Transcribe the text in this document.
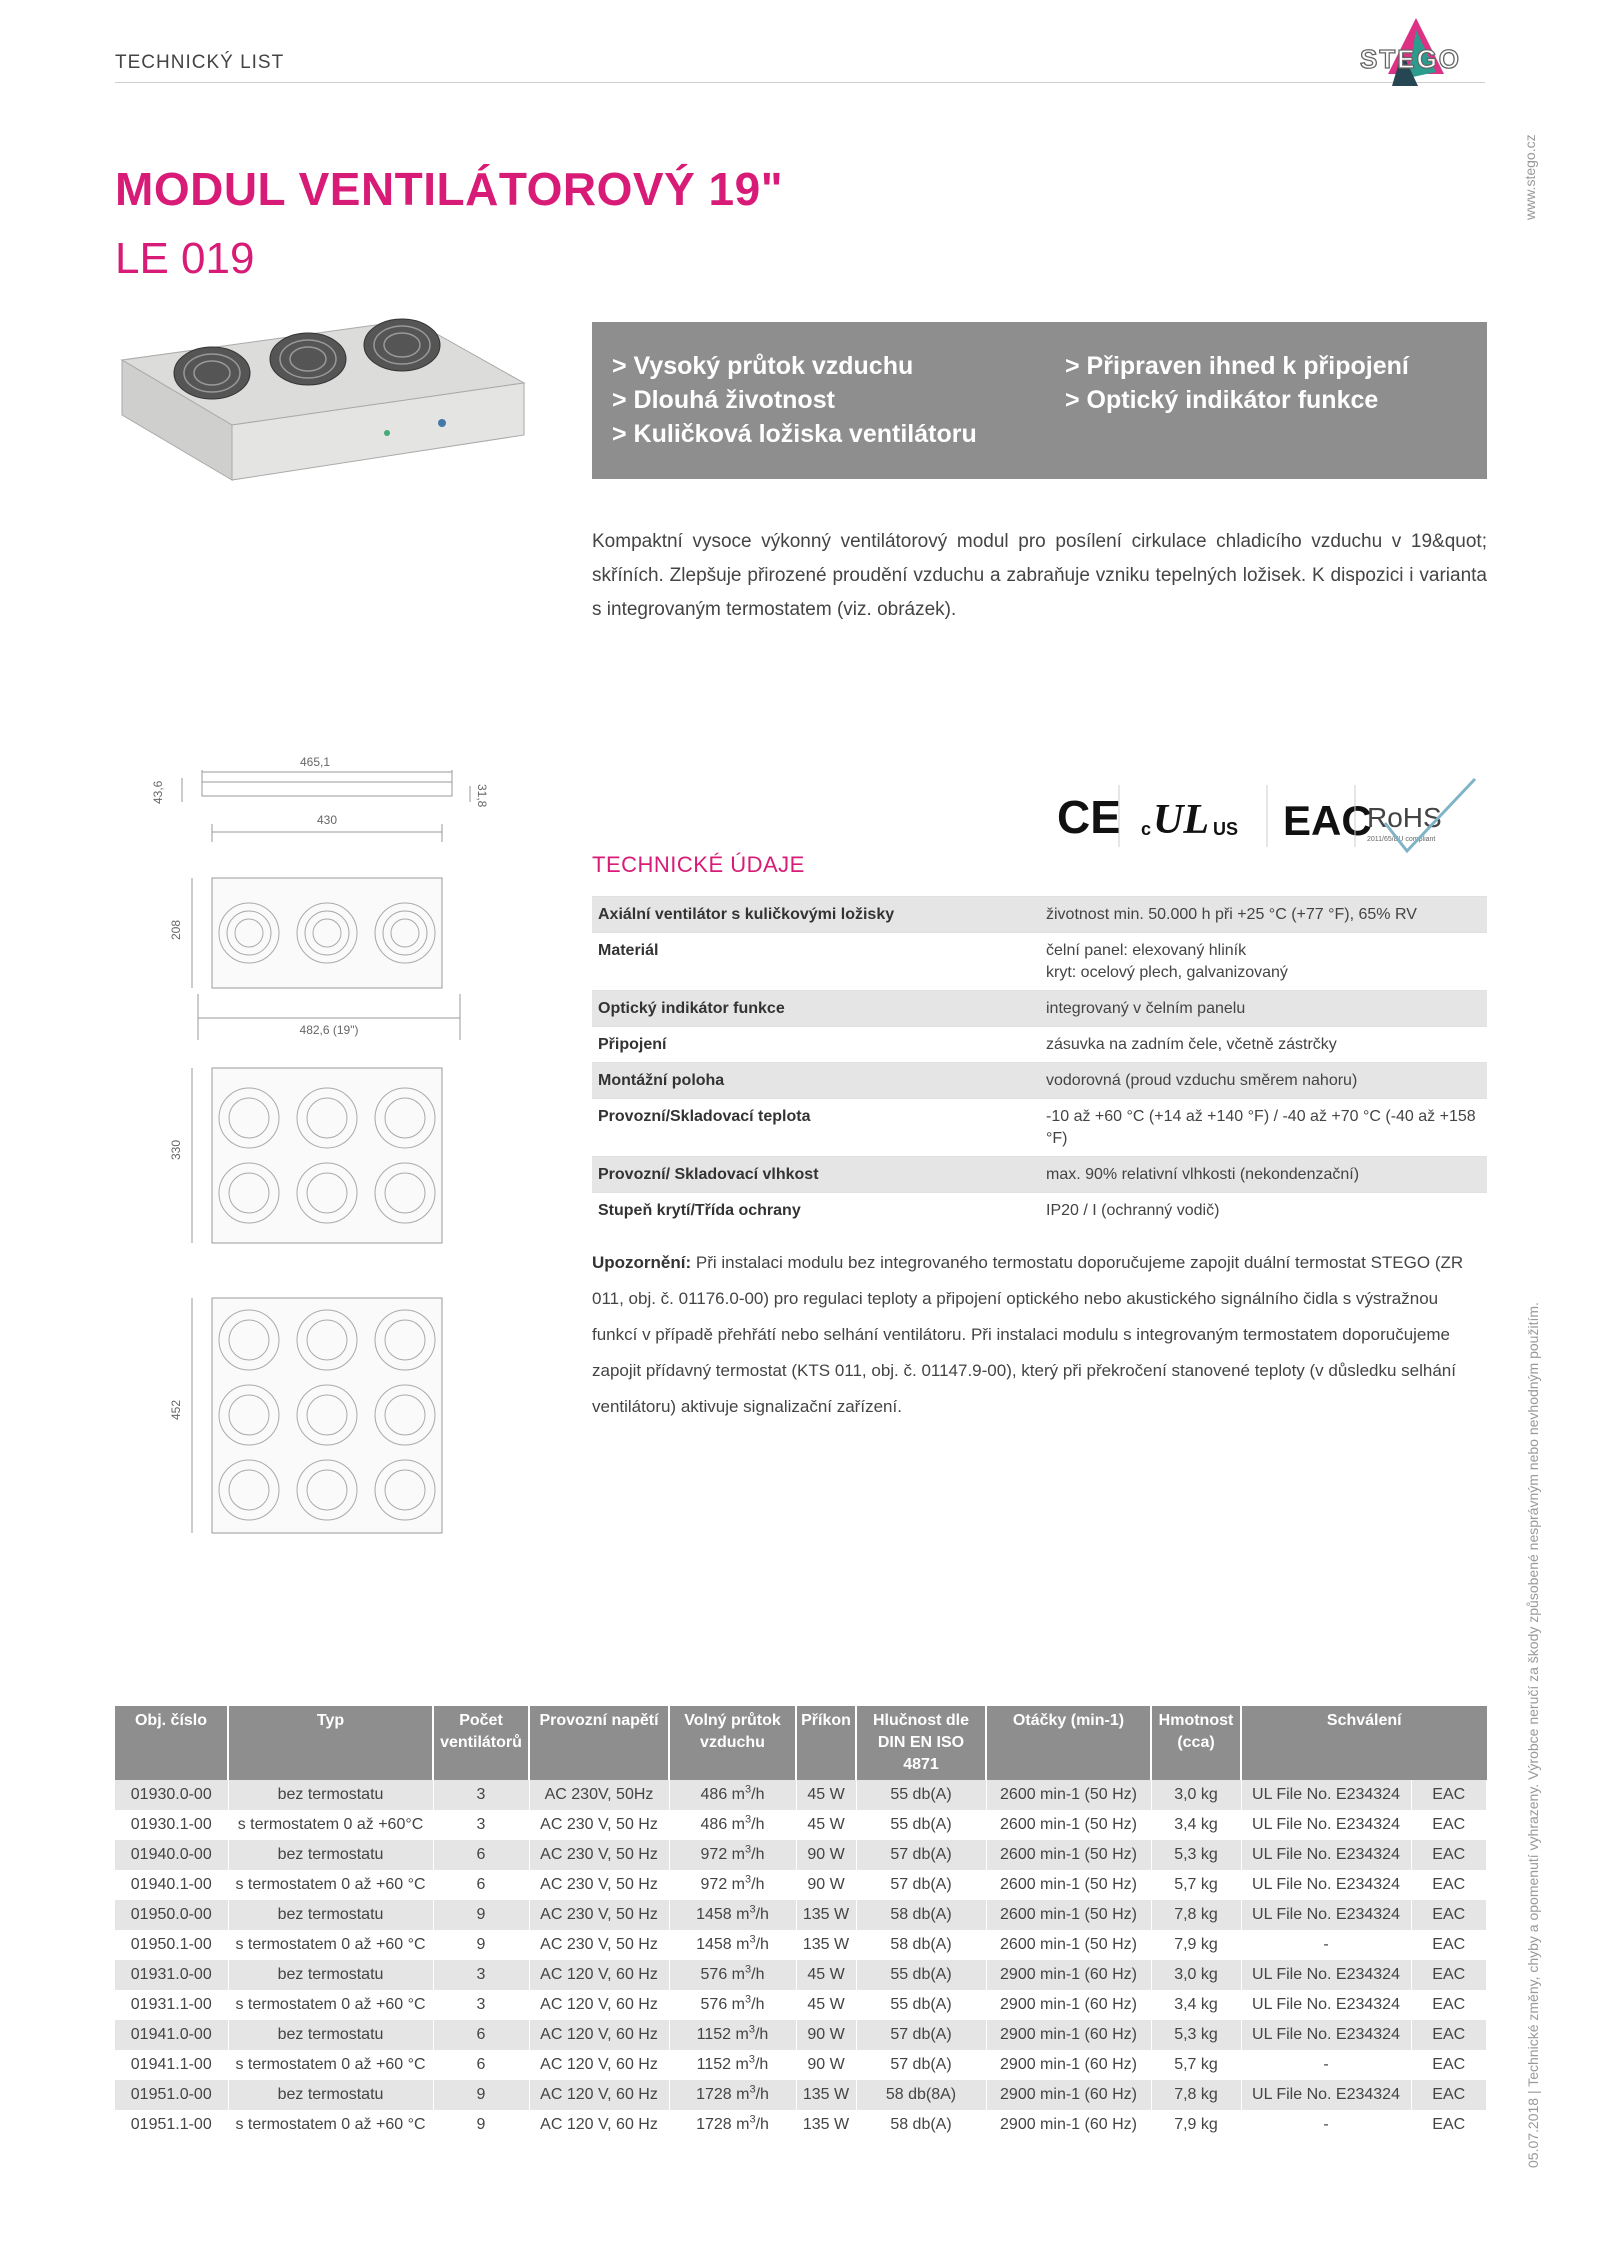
TECHNICKÝ LIST	STEGO
www.stego.cz
05.07.2018 | Technické změny, chyby a opomenutí vyhrazeny. Výrobce neručí za škody způsobené nesprávným nebo nevhodným použitím.
MODUL VENTILÁTOROVÝ 19"
LE 019
> Vysoký průtok vzduchu
> Dlouhá životnost
> Kuličková ložiska ventilátoru
> Připraven ihned k připojení
> Optický indikátor funkce
Kompaktní vysoce výkonný ventilátorový modul pro posílení cirkulace chladicího vzduchu v 19&quot; skříních. Zlepšuje přirozené proudění vzduchu a zabraňuje vzniku tepelných ložisek. K dispozici i varianta s integrovaným termostatem (viz. obrázek).
465,1
43,6	31,8
430
208
482,6 (19")
330
452
CE c UL US EAC
RoHS
2011/65/EU compliant
TECHNICKÉ ÚDAJE
Axiální ventilátor s kuličkovými ložisky	životnost min. 50.000 h při +25 °C (+77 °F), 65% RV
Materiál	čelní panel: elexovaný hliník
kryt: ocelový plech, galvanizovaný

Optický indikátor funkce	integrovaný v čelním panelu
Připojení	zásuvka na zadním čele, včetně zástrčky
Montážní poloha	vodorovná (proud vzduchu směrem nahoru)
Provozní/Skladovací teplota	-10 až +60 °C (+14 až +140 °F) / -40 až +70 °C (-40 až +158 °F)
Provozní/ Skladovací vlhkost	max. 90% relativní vlhkosti (nekondenzační)
Stupeň krytí/Třída ochrany	IP20 / I (ochranný vodič)
Upozornění: Při instalaci modulu bez integrovaného termostatu doporučujeme zapojit duální termostat STEGO (ZR 011, obj. č. 01176.0-00) pro regulaci teploty a připojení optického nebo akustického signálního čidla s výstražnou funkcí v případě přehřátí nebo selhání ventilátoru. Při instalaci modulu s integrovaným termostatem doporučujeme zapojit přídavný termostat (KTS 011, obj. č. 01147.9-00), který při překročení stanovené teploty (v důsledku selhání ventilátoru) aktivuje signalizační zařízení.
Obj. číslo	Typ	Počet ventilátorů	Provozní napětí	Volný průtok vzduchu	Příkon	Hlučnost dle DIN EN ISO 4871	Otáčky (min-1)	Hmotnost (cca)	Schválení	
01930.0-00	bez termostatu	3	AC 230V, 50Hz	486 $m^3/h$	45 W	55 db(A)	2600 min-1 (50 Hz)	3,0 kg	UL File No. E234324	EAC
01930.1-00	s termostatem 0 až +60°C	3	AC 230 V, 50 Hz	486 $m^3/h$	45 W	55 db(A)	2600 min-1 (50 Hz)	3,4 kg	UL File No. E234324	EAC
01940.0-00	bez termostatu	6	AC 230 V, 50 Hz	972 $m^3/h$	90 W	57 db(A)	2600 min-1 (50 Hz)	5,3 kg	UL File No. E234324	EAC
01940.1-00	s termostatem 0 až +60 °C	6	AC 230 V, 50 Hz	972 $m^3/h$	90 W	57 db(A)	2600 min-1 (50 Hz)	5,7 kg	UL File No. E234324	EAC
01950.0-00	bez termostatu	9	AC 230 V, 50 Hz	1458 $m^3/h$	135 W	58 db(A)	2600 min-1 (50 Hz)	7,8 kg	UL File No. E234324	EAC
01950.1-00	s termostatem 0 až +60 °C	9	AC 230 V, 50 Hz	1458 $m^3/h$	135 W	58 db(A)	2600 min-1 (50 Hz)	7,9 kg	-	EAC
01931.0-00	bez termostatu	3	AC 120 V, 60 Hz	576 $m^3/h$	45 W	55 db(A)	2900 min-1 (60 Hz)	3,0 kg	UL File No. E234324	EAC
01931.1-00	s termostatem 0 až +60 °C	3	AC 120 V, 60 Hz	576 $m^3/h$	45 W	55 db(A)	2900 min-1 (60 Hz)	3,4 kg	UL File No. E234324	EAC
01941.0-00	bez termostatu	6	AC 120 V, 60 Hz	1152 $m^3/h$	90 W	57 db(A)	2900 min-1 (60 Hz)	5,3 kg	UL File No. E234324	EAC
01941.1-00	s termostatem 0 až +60 °C	6	AC 120 V, 60 Hz	1152 $m^3/h$	90 W	57 db(A)	2900 min-1 (60 Hz)	5,7 kg	-	EAC
01951.0-00	bez termostatu	9	AC 120 V, 60 Hz	1728 $m^3/h$	135 W	58 db(8A)	2900 min-1 (60 Hz)	7,8 kg	UL File No. E234324	EAC
01951.1-00	s termostatem 0 až +60 °C	9	AC 120 V, 60 Hz	1728 $m^3/h$	135 W	58 db(A)	2900 min-1 (60 Hz)	7,9 kg	-	EAC
